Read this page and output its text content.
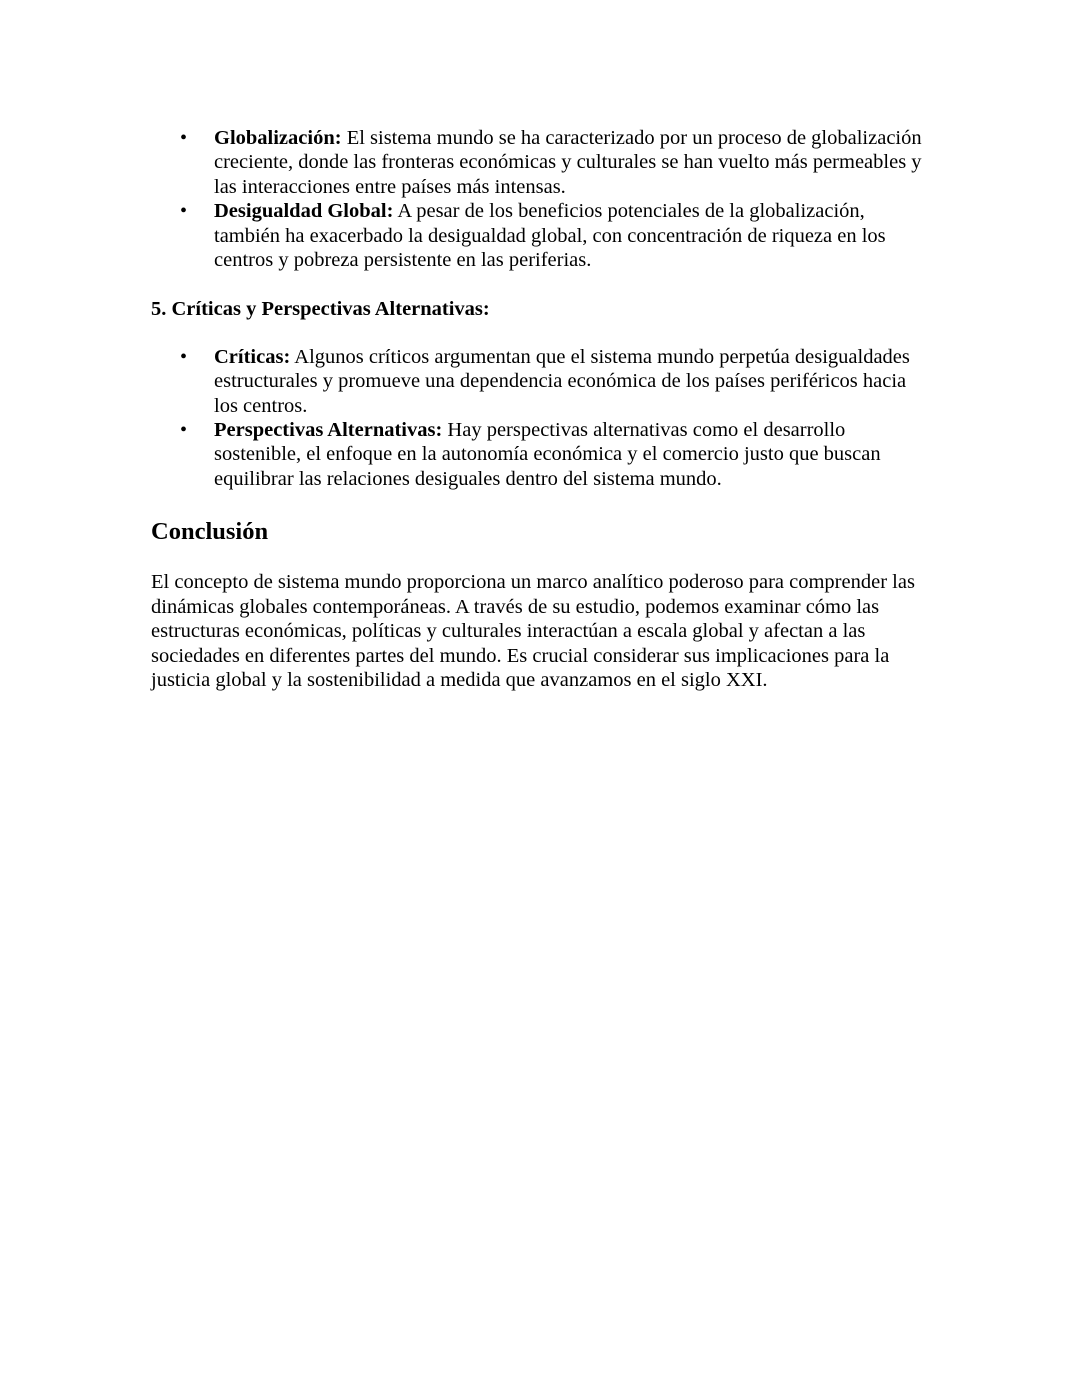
• Globalización: El sistema mundo se ha caracterizado por un proceso de globalización creciente, donde las fronteras económicas y culturales se han vuelto más permeables y las interacciones entre países más intensas.
• Desigualdad Global: A pesar de los beneficios potenciales de la globalización, también ha exacerbado la desigualdad global, con concentración de riqueza en los centros y pobreza persistente en las periferias.
5. Críticas y Perspectivas Alternativas:
• Críticas: Algunos críticos argumentan que el sistema mundo perpetúa desigualdades estructurales y promueve una dependencia económica de los países periféricos hacia los centros.
• Perspectivas Alternativas: Hay perspectivas alternativas como el desarrollo sostenible, el enfoque en la autonomía económica y el comercio justo que buscan equilibrar las relaciones desiguales dentro del sistema mundo.
Conclusión

El concepto de sistema mundo proporciona un marco analítico poderoso para comprender las dinámicas globales contemporáneas. A través de su estudio, podemos examinar cómo las estructuras económicas, políticas y culturales interactúan a escala global y afectan a las sociedades en diferentes partes del mundo. Es crucial considerar sus implicaciones para la justicia global y la sostenibilidad a medida que avanzamos en el siglo XXI.
